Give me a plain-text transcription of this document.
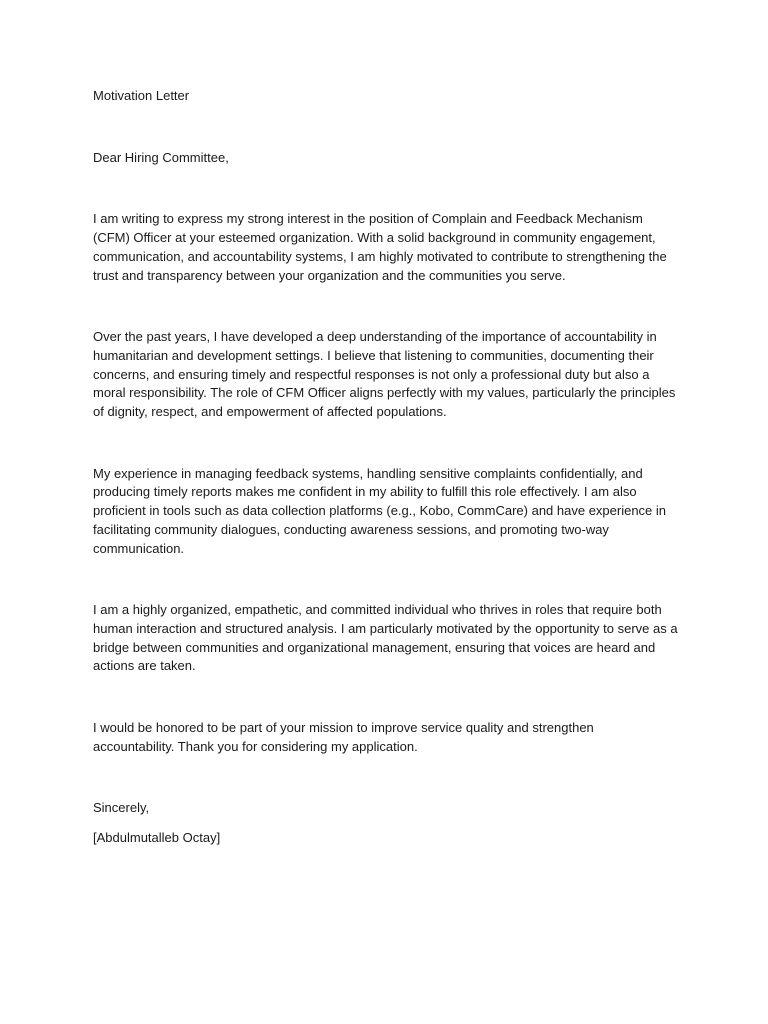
Motivation Letter

Dear Hiring Committee,

I am writing to express my strong interest in the position of Complain and Feedback Mechanism (CFM) Officer at your esteemed organization. With a solid background in community engagement, communication, and accountability systems, I am highly motivated to contribute to strengthening the trust and transparency between your organization and the communities you serve.

Over the past years, I have developed a deep understanding of the importance of accountability in humanitarian and development settings. I believe that listening to communities, documenting their concerns, and ensuring timely and respectful responses is not only a professional duty but also a moral responsibility. The role of CFM Officer aligns perfectly with my values, particularly the principles of dignity, respect, and empowerment of affected populations.

My experience in managing feedback systems, handling sensitive complaints confidentially, and producing timely reports makes me confident in my ability to fulfill this role effectively. I am also proficient in tools such as data collection platforms (e.g., Kobo, CommCare) and have experience in facilitating community dialogues, conducting awareness sessions, and promoting two-way communication.

I am a highly organized, empathetic, and committed individual who thrives in roles that require both human interaction and structured analysis. I am particularly motivated by the opportunity to serve as a bridge between communities and organizational management, ensuring that voices are heard and actions are taken.

I would be honored to be part of your mission to improve service quality and strengthen accountability. Thank you for considering my application.

Sincerely,

[Abdulmutalleb Octay]
